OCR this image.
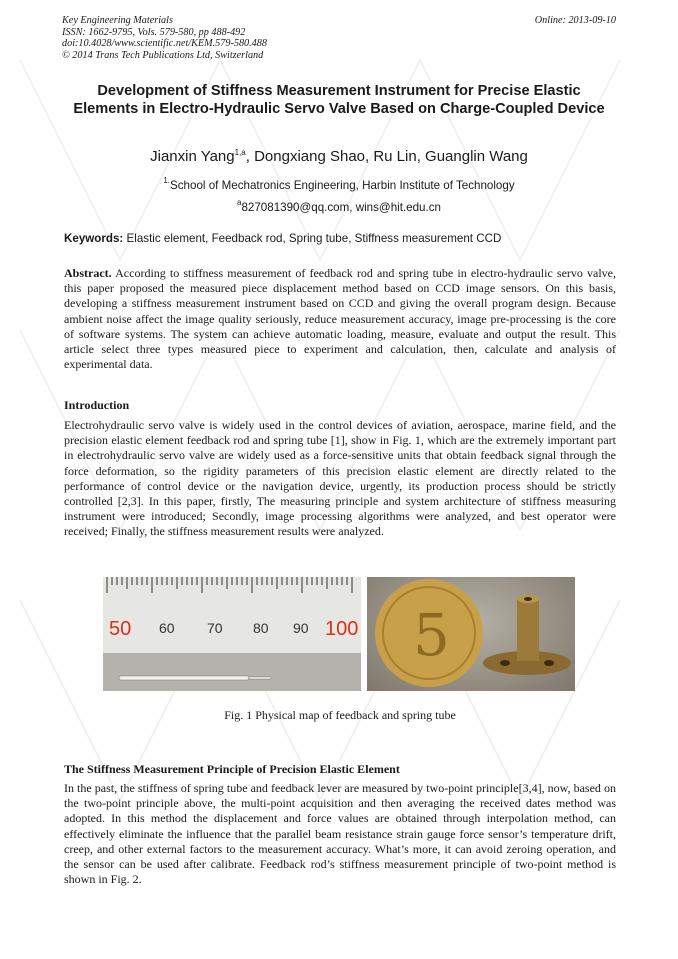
Key Engineering Materials
ISSN: 1662-9795, Vols. 579-580, pp 488-492
doi:10.4028/www.scientific.net/KEM.579-580.488
© 2014 Trans Tech Publications Ltd, Switzerland
Online: 2013-09-10
Development of Stiffness Measurement Instrument for Precise Elastic Elements in Electro-Hydraulic Servo Valve Based on Charge-Coupled Device
Jianxin Yang$^{1,a}$, Dongxiang Shao, Ru Lin, Guanglin Wang
$^{1.}$School of Mechatronics Engineering, Harbin Institute of Technology
$^a$827081390@qq.com, wins@hit.edu.cn
Keywords: Elastic element, Feedback rod, Spring tube, Stiffness measurement CCD
Abstract. According to stiffness measurement of feedback rod and spring tube in electro-hydraulic servo valve, this paper proposed the measured piece displacement method based on CCD image sensors. On this basis, developing a stiffness measurement instrument based on CCD and giving the overall program design. Because ambient noise affect the image quality seriously, reduce measurement accuracy, image pre-processing is the core of software systems. The system can achieve automatic loading, measure, evaluate and output the result. This article select three types measured piece to experiment and calculation, then, calculate and analysis of experimental data.
Introduction
Electrohydraulic servo valve is widely used in the control devices of aviation, aerospace, marine field, and the precision elastic element feedback rod and spring tube [1], show in Fig. 1, which are the extremely important part in electrohydraulic servo valve are widely used as a force-sensitive units that obtain feedback signal through the force deformation, so the rigidity parameters of this precision elastic element are directly related to the performance of control device or the navigation device, urgently, its production process should be strictly controlled [2,3]. In this paper, firstly, The measuring principle and system architecture of stiffness measuring instrument were introduced; Secondly, image processing algorithms were analyzed, and best operator were received; Finally, the stiffness measurement results were analyzed.
50 60 70 80 90 100 5
Fig. 1 Physical map of feedback and spring tube
The Stiffness Measurement Principle of Precision Elastic Element
In the past, the stiffness of spring tube and feedback lever are measured by two-point principle[3,4], now, based on the two-point principle above, the multi-point acquisition and then averaging the received dates method was adopted. In this method the displacement and force values are obtained through interpolation method, can effectively eliminate the influence that the parallel beam resistance strain gauge force sensor’s temperature drift, creep, and other external factors to the measurement accuracy. What’s more, it can avoid zeroing operation, and the sensor can be used after calibrate. Feedback rod’s stiffness measurement principle of two-point method is shown in Fig. 2.
